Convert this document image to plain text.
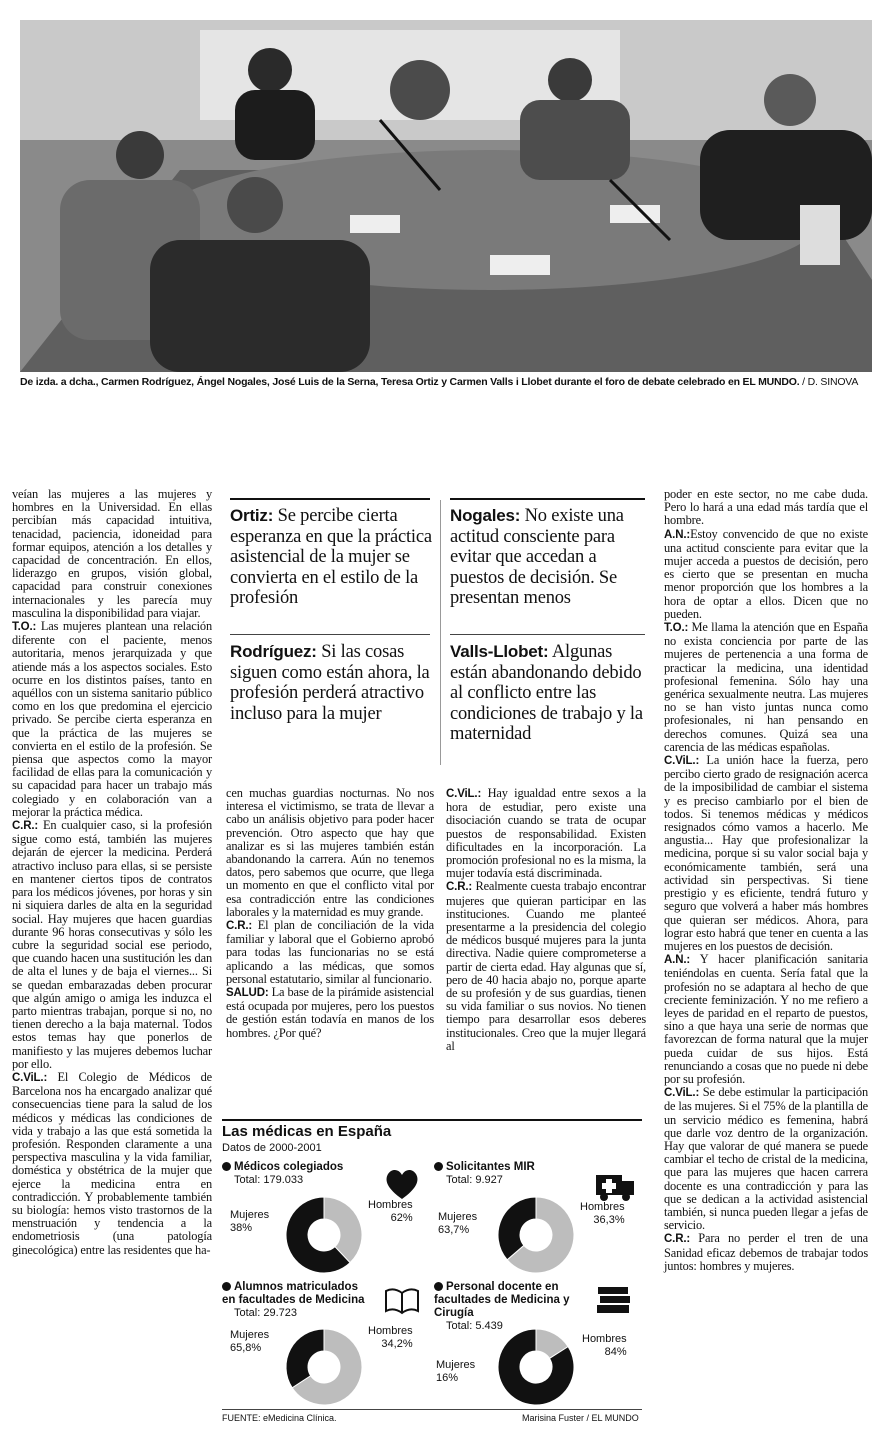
De izda. a dcha., Carmen Rodríguez, Ángel Nogales, José Luis de la Serna, Teresa Ortiz y Carmen Valls i Llobet durante el foro de debate celebrado en EL MUNDO. / D. SINOVA

veían las mujeres a las mujeres y hombres en la Universidad. En ellas percibían más capacidad intuitiva, tenacidad, paciencia, idoneidad para formar equipos, atención a los detalles y capacidad de concentración. En ellos, liderazgo en grupos, visión global, capacidad para construir conexiones internacionales y les parecía muy masculina la disponibilidad para viajar.

T.O.: Las mujeres plantean una relación diferente con el paciente, menos autoritaria, menos jerarquizada y que atiende más a los aspectos sociales. Esto ocurre en los distintos países, tanto en aquéllos con un sistema sanitario público como en los que predomina el ejercicio privado. Se percibe cierta esperanza en que la práctica de las mujeres se convierta en el estilo de la profesión. Se piensa que aspectos como la mayor facilidad de ellas para la comunicación y su capacidad para hacer un trabajo más colegiado y en colaboración van a mejorar la práctica médica.

C.R.: En cualquier caso, si la profesión sigue como está, también las mujeres dejarán de ejercer la medicina. Perderá atractivo incluso para ellas, si se persiste en mantener ciertos tipos de contratos para los médicos jóvenes, por horas y sin ni siquiera darles de alta en la seguridad social. Hay mujeres que hacen guardias durante 96 horas consecutivas y sólo les cubre la seguridad social ese periodo, que cuando hacen una sustitución les dan de alta el lunes y de baja el viernes... Si se quedan embarazadas deben procurar que algún amigo o amiga les induzca el parto mientras trabajan, porque si no, no tienen derecho a la baja maternal. Todos estos temas hay que ponerlos de manifiesto y las mujeres debemos luchar por ello.

C.ViL.: El Colegio de Médicos de Barcelona nos ha encargado analizar qué consecuencias tiene para la salud de los médicos y médicas las condiciones de vida y trabajo a las que está sometida la profesión. Responden claramente a una perspectiva masculina y la vida familiar, doméstica y obstétrica de la mujer que ejerce la medicina entra en contradicción. Y probablemente también su biología: hemos visto trastornos de la menstruación y tendencia a la endometriosis (una patología ginecológica) entre las residentes que ha-

Ortiz: Se percibe cierta esperanza en que la práctica asistencial de la mujer se convierta en el estilo de la profesión
Nogales: No existe una actitud consciente para evitar que accedan a puestos de decisión. Se presentan menos
Rodríguez: Si las cosas siguen como están ahora, la profesión perderá atractivo incluso para la mujer
Valls-Llobet: Algunas están abandonando debido al conflicto entre las condiciones de trabajo y la maternidad

cen muchas guardias nocturnas. No nos interesa el victimismo, se trata de llevar a cabo un análisis objetivo para poder hacer prevención. Otro aspecto que hay que analizar es si las mujeres también están abandonando la carrera. Aún no tenemos datos, pero sabemos que ocurre, que llega un momento en que el conflicto vital por esa contradicción entre las condiciones laborales y la maternidad es muy grande.

C.R.: El plan de conciliación de la vida familiar y laboral que el Gobierno aprobó para todas las funcionarias no se está aplicando a las médicas, que somos personal estatutario, similar al funcionario.

SALUD: La base de la pirámide asistencial está ocupada por mujeres, pero los puestos de gestión están todavía en manos de los hombres. ¿Por qué?

C.ViL.: Hay igualdad entre sexos a la hora de estudiar, pero existe una disociación cuando se trata de ocupar puestos de responsabilidad. Existen dificultades en la incorporación. La promoción profesional no es la misma, la mujer todavía está discriminada.

C.R.: Realmente cuesta trabajo encontrar mujeres que quieran participar en las instituciones. Cuando me planteé presentarme a la presidencia del colegio de médicos busqué mujeres para la junta directiva. Nadie quiere comprometerse a partir de cierta edad. Hay algunas que sí, pero de 40 hacia abajo no, porque aparte de su profesión y de sus guardias, tienen su vida familiar o sus novios. No tienen tiempo para desarrollar esos deberes institucionales. Creo que la mujer llegará al

poder en este sector, no me cabe duda. Pero lo hará a una edad más tardía que el hombre.

A.N.:Estoy convencido de que no existe una actitud consciente para evitar que la mujer acceda a puestos de decisión, pero es cierto que se presentan en mucha menor proporción que los hombres a la hora de optar a ellos. Dicen que no pueden.

T.O.: Me llama la atención que en España no exista conciencia por parte de las mujeres de pertenencia a una forma de practicar la medicina, una identidad profesional femenina. Sólo hay una genérica sexualmente neutra. Las mujeres no se han visto juntas nunca como profesionales, ni han pensando en derechos comunes. Quizá sea una carencia de las médicas españolas.

C.ViL.: La unión hace la fuerza, pero percibo cierto grado de resignación acerca de la imposibilidad de cambiar el sistema y es preciso cambiarlo por el bien de todos. Si tenemos médicas y médicos resignados cómo vamos a hacerlo. Me angustia... Hay que profesionalizar la medicina, porque si su valor social baja y económicamente también, será una actividad sin perspectivas. Si tiene prestigio y es eficiente, tendrá futuro y seguro que volverá a haber más hombres que quieran ser médicos. Ahora, para lograr esto habrá que tener en cuenta a las mujeres en los puestos de decisión.

A.N.: Y hacer planificación sanitaria teniéndolas en cuenta. Sería fatal que la profesión no se adaptara al hecho de que creciente feminización. Y no me refiero a leyes de paridad en el reparto de puestos, sino a que haya una serie de normas que favorezcan de forma natural que la mujer pueda cuidar de sus hijos. Está renunciando a cosas que no puede ni debe por su profesión.

C.ViL.: Se debe estimular la participación de las mujeres. Si el 75% de la plantilla de un servicio médico es femenina, habrá que darle voz dentro de la organización. Hay que valorar de qué manera se puede cambiar el techo de cristal de la medicina, que para las mujeres que hacen carrera docente es una contradicción y para las que se dedican a la actividad asistencial también, si nunca pueden llegar a jefas de servicio.

C.R.: Para no perder el tren de una Sanidad eficaz debemos de trabajar todos juntos: hombres y mujeres.

Las médicas en España
Datos de 2000-2001
Médicos colegiados
Total: 179.033
Mujeres
38%
Hombres
62%
Solicitantes MIR
Total: 9.927
Mujeres
63,7%
Hombres
36,3%
Alumnos matriculados en facultades de Medicina
Total: 29.723
Mujeres
65,8%
Hombres
34,2%
Personal docente en facultades de Medicina y Cirugía
Total: 5.439
Mujeres
16%
Hombres
84%
FUENTE: eMedicina Clínica.	Marisina Fuster / EL MUNDO
